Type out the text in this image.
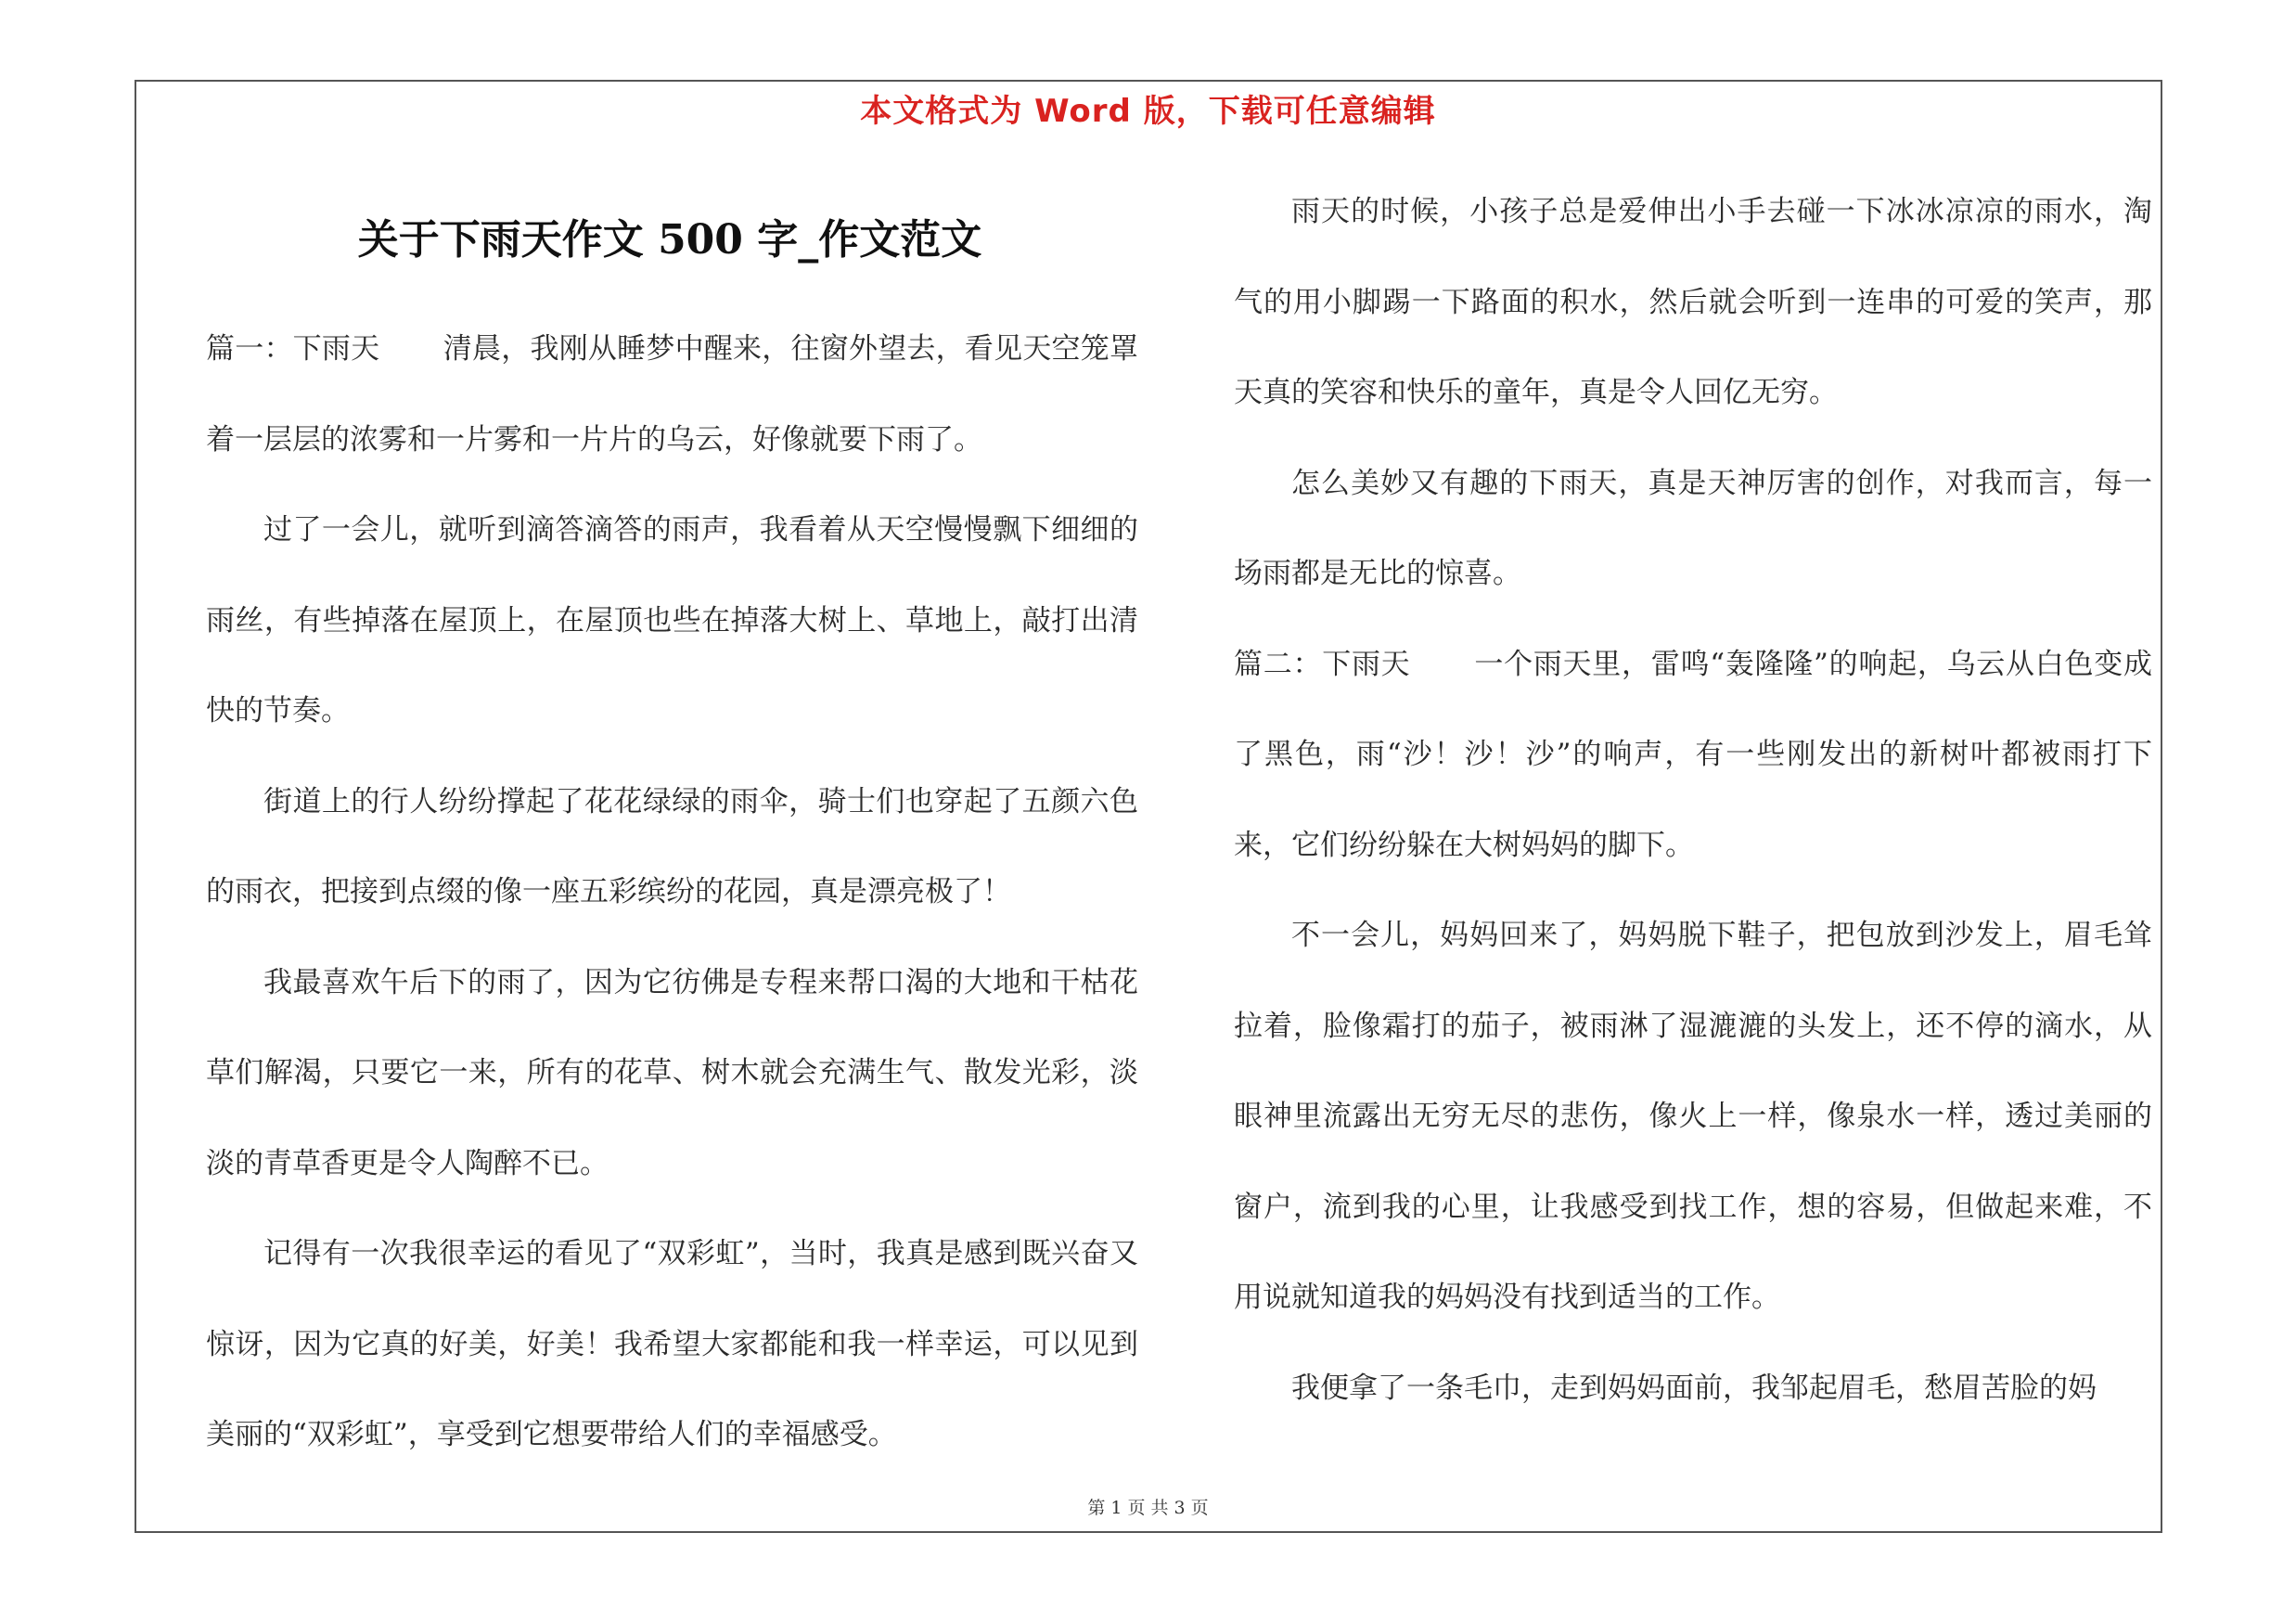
本文格式为 Word 版，下载可任意编辑
关于下雨天作文 500 字_作文范文

篇一：下雨天 清晨，我刚从睡梦中醒来，往窗外望去，看见天空笼罩着一层层的浓雾和一片雾和一片片的乌云，好像就要下雨了。

过了一会儿，就听到滴答滴答的雨声，我看着从天空慢慢飘下细细的雨丝，有些掉落在屋顶上，在屋顶也些在掉落大树上、草地上，敲打出清快的节奏。

街道上的行人纷纷撑起了花花绿绿的雨伞，骑士们也穿起了五颜六色的雨衣，把接到点缀的像一座五彩缤纷的花园，真是漂亮极了！

我最喜欢午后下的雨了，因为它彷佛是专程来帮口渴的大地和干枯花草们解渴，只要它一来，所有的花草、树木就会充满生气、散发光彩，淡淡的青草香更是令人陶醉不已。

记得有一次我很幸运的看见了“双彩虹”，当时，我真是感到既兴奋又惊讶，因为它真的好美，好美！我希望大家都能和我一样幸运，可以见到美丽的“双彩虹”，享受到它想要带给人们的幸福感受。

雨天的时候，小孩子总是爱伸出小手去碰一下冰冰凉凉的雨水，淘气的用小脚踢一下路面的积水，然后就会听到一连串的可爱的笑声，那天真的笑容和快乐的童年，真是令人回亿无穷。

怎么美妙又有趣的下雨天，真是天神厉害的创作，对我而言，每一场雨都是无比的惊喜。

篇二：下雨天 一个雨天里，雷鸣“轰隆隆”的响起，乌云从白色变成了黑色，雨“沙！沙！沙”的响声，有一些刚发出的新树叶都被雨打下来，它们纷纷躲在大树妈妈的脚下。

不一会儿，妈妈回来了，妈妈脱下鞋子，把包放到沙发上，眉毛耸拉着，脸像霜打的茄子，被雨淋了湿漉漉的头发上，还不停的滴水，从眼神里流露出无穷无尽的悲伤，像火上一样，像泉水一样，透过美丽的窗户，流到我的心里，让我感受到找工作，想的容易，但做起来难，不用说就知道我的妈妈没有找到适当的工作。

我便拿了一条毛巾，走到妈妈面前，我邹起眉毛，愁眉苦脸的妈

第 1 页 共 3 页
